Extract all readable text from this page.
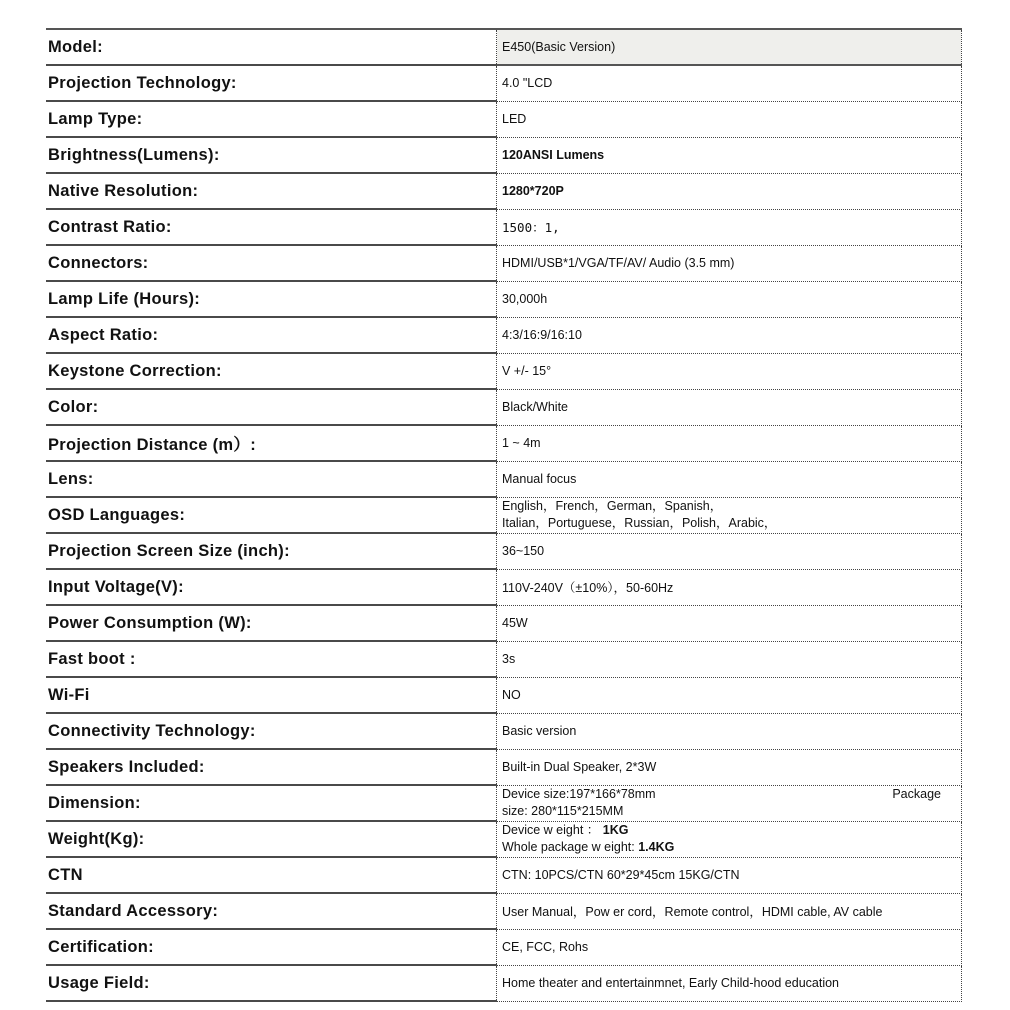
Model:	E450(Basic Version)
Projection Technology:	4.0 "LCD
Lamp Type:	LED
Brightness(Lumens):	120ANSI Lumens
Native Resolution:	1280*720P
Contrast Ratio:	1500：1,
Connectors:	HDMI/USB*1/VGA/TF/AV/ Audio (3.5 mm)
Lamp Life (Hours):	30,000h
Aspect Ratio:	4:3/16:9/16:10
Keystone Correction:	V +/- 15°
Color:	Black/White
Projection Distance (m）:	1 ~ 4m
Lens:	Manual focus
OSD Languages:	English，French，German，Spanish，
Italian，Portuguese，Russian，Polish，Arabic，

Projection Screen Size (inch):	36~150
Input Voltage(V):	110V-240V（±10%），50-60Hz
Power Consumption (W):	45W
Fast boot :	3s
Wi-Fi	NO
Connectivity Technology:	Basic version
Speakers Included:	Built-in Dual Speaker, 2*3W
Dimension:	Device size:197*166*78mm Package
size: 280*115*215MM

Weight(Kg):	Device w eight ： 1KG
Whole package w eight: 1.4KG

CTN	CTN: 10PCS/CTN 60*29*45cm 15KG/CTN
Standard Accessory:	User Manual，Pow er cord，Remote control，HDMI cable, AV cable
Certification:	CE, FCC, Rohs
Usage Field:	Home theater and entertainmnet, Early Child-hood education
